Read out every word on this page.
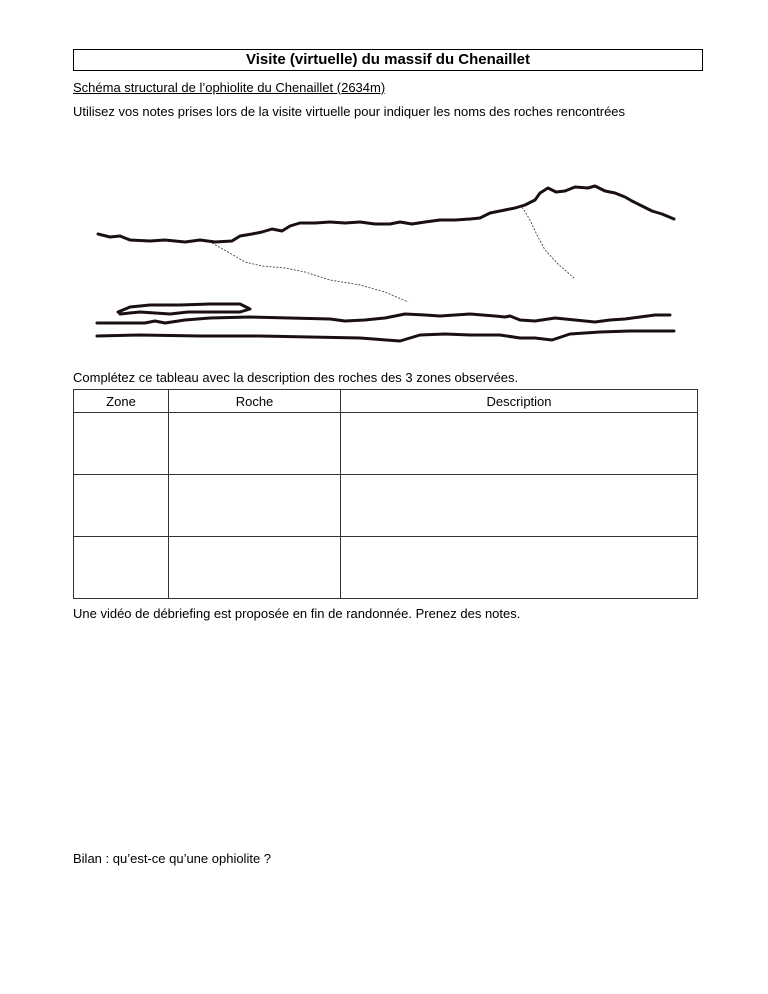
Visite (virtuelle) du massif du Chenaillet
Schéma structural de l’ophiolite du Chenaillet (2634m)
Utilisez vos notes prises lors de la visite virtuelle pour indiquer les noms des roches rencontrées
Complétez ce tableau avec la description des roches des 3 zones observées.
Zone	Roche	Description

Une vidéo de débriefing est proposée en fin de randonnée. Prenez des notes.
Bilan : qu’est-ce qu’une ophiolite ?
